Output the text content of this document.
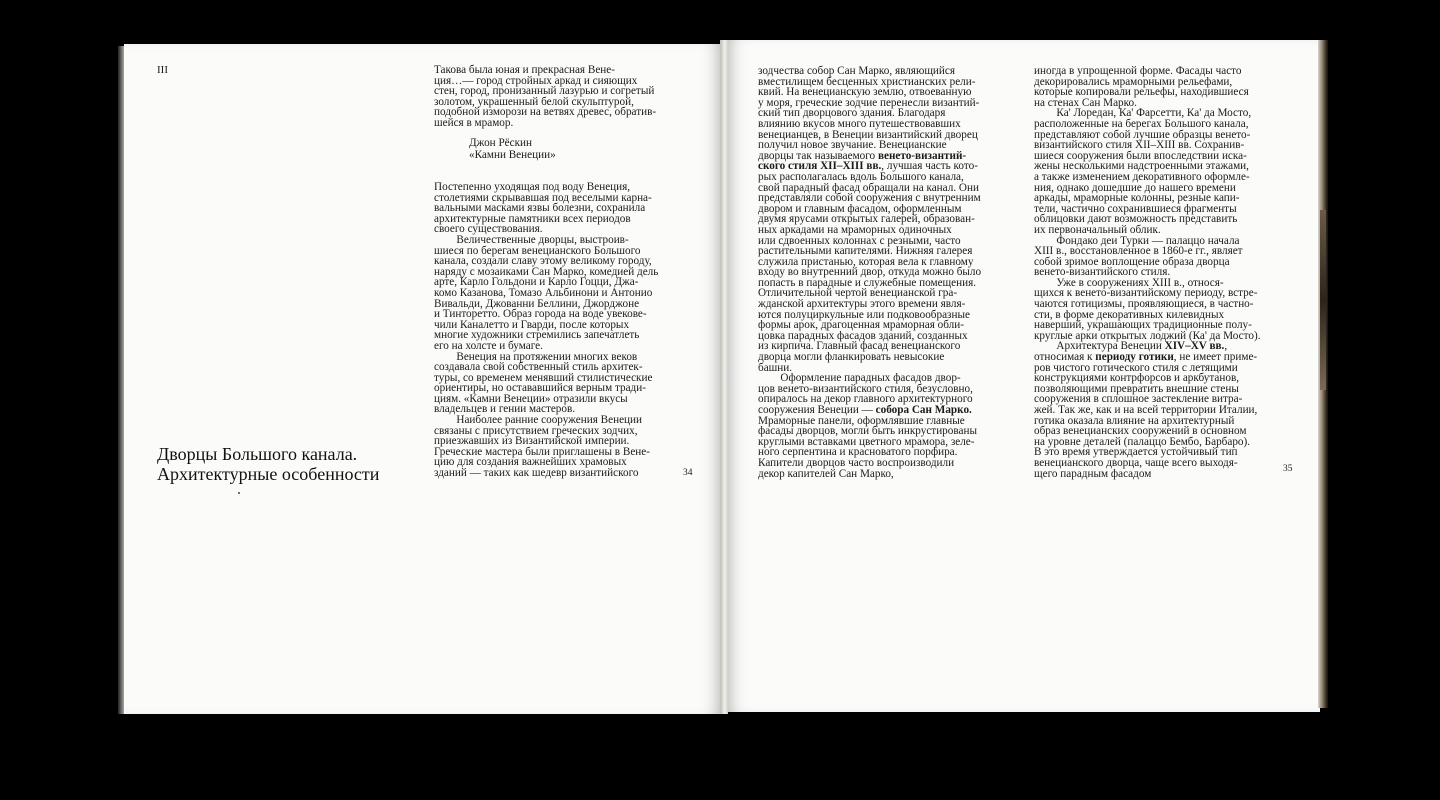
III
Дворцы Большого канала.
Архитектурные особенности
Такова была юная и прекрасная Вене-
ция…— город стройных аркад и сияющих
стен, город, пронизанный лазурью и согретый
золотом, украшенный белой скульптурой,
подобной изморози на ветвях древес, обратив-
шейся в мрамор.
Джон Рёскин
«Камни Венеции»
Постепенно уходящая под воду Венеция,
столетиями скрывавшая под веселыми карна-
вальными масками язвы болезни, сохранила
архитектурные памятники всех периодов
своего существования.
Величественные дворцы, выстроив-
шиеся по берегам венецианского Большого
канала, создали славу этому великому городу,
наряду с мозаиками Сан Марко, комедией дель
арте, Карло Гольдони и Карло Гоцци, Джа-
комо Казанова, Томазо Альбинони и Антонио
Вивальди, Джованни Беллини, Джорджоне
и Тинторетто. Образ города на воде увекове-
чили Каналетто и Гварди, после которых
многие художники стремились запечатлеть
его на холсте и бумаге.
Венеция на протяжении многих веков
создавала свой собственный стиль архитек-
туры, со временем менявший стилистические
ориентиры, но остававшийся верным тради-
циям. «Камни Венеции» отразили вкусы
владельцев и гении мастеров.
Наиболее ранние сооружения Венеции
связаны с присутствием греческих зодчих,
приезжавших из Византийской империи.
Греческие мастера были приглашены в Вене-
цию для создания важнейших храмовых
зданий — таких как шедевр византийского	34
зодчества собор Сан Марко, являющийся
вместилищем бесценных христианских рели-
квий. На венецианскую землю, отвоеванную
у моря, греческие зодчие перенесли византий-
ский тип дворцового здания. Благодаря
влиянию вкусов много путешествовавших
венецианцев, в Венеции византийский дворец
получил новое звучание. Венецианские
дворцы так называемого венето-византий-
ского стиля XII–XIII вв., лучшая часть кото-
рых располагалась вдоль Большого канала,
свой парадный фасад обращали на канал. Они
представляли собой сооружения с внутренним
двором и главным фасадом, оформленным
двумя ярусами открытых галерей, образован-
ных аркадами на мраморных одиночных
или сдвоенных колоннах с резными, часто
растительными капителями. Нижняя галерея
служила пристанью, которая вела к главному
входу во внутренний двор, откуда можно было
попасть в парадные и служебные помещения.
Отличительной чертой венецианской гра-
жданской архитектуры этого времени явля-
ются полуциркульные или подковообразные
формы арок, драгоценная мраморная обли-
цовка парадных фасадов зданий, созданных
из кирпича. Главный фасад венецианского
дворца могли фланкировать невысокие
башни.
Оформление парадных фасадов двор-
цов венето-византийского стиля, безусловно,
опиралось на декор главного архитектурного
сооружения Венеции — собора Сан Марко.
Мраморные панели, оформлявшие главные
фасады дворцов, могли быть инкрустированы
круглыми вставками цветного мрамора, зеле-
ного серпентина и красноватого порфира.
Капители дворцов часто воспроизводили
декор капителей Сан Марко,
иногда в упрощенной форме. Фасады часто
декорировались мраморными рельефами,
которые копировали рельефы, находившиеся
на стенах Сан Марко.
Ка' Лоредан, Ка' Фарсетти, Ка' да Мосто,
расположенные на берегах Большого канала,
представляют собой лучшие образцы венето-
византийского стиля XII–XIII вв. Сохранив-
шиеся сооружения были впоследствии иска-
жены несколькими надстроенными этажами,
а также изменением декоративного оформле-
ния, однако дошедшие до нашего времени
аркады, мраморные колонны, резные капи-
тели, частично сохранившиеся фрагменты
облицовки дают возможность представить
их первоначальный облик.
Фондако деи Турки — палаццо начала
XIII в., восстановленное в 1860-е гг., являет
собой зримое воплощение образа дворца
венето-византийского стиля.
Уже в сооружениях XIII в., относя-
щихся к венето-византийскому периоду, встре-
чаются готицизмы, проявляющиеся, в частно-
сти, в форме декоративных килевидных
наверший, украшающих традиционные полу-
круглые арки открытых лоджий (Ка' да Мосто).
Архитектура Венеции XIV–XV вв.,
относимая к периоду готики, не имеет приме-
ров чистого готического стиля с летящими
конструкциями контрфорсов и аркбутанов,
позволяющими превратить внешние стены
сооружения в сплошное застекление витра-
жей. Так же, как и на всей территории Италии,
готика оказала влияние на архитектурный
образ венецианских сооружений в основном
на уровне деталей (палаццо Бембо, Барбаро).
В это время утверждается устойчивый тип
венецианского дворца, чаще всего выходя-
щего парадным фасадом	35
